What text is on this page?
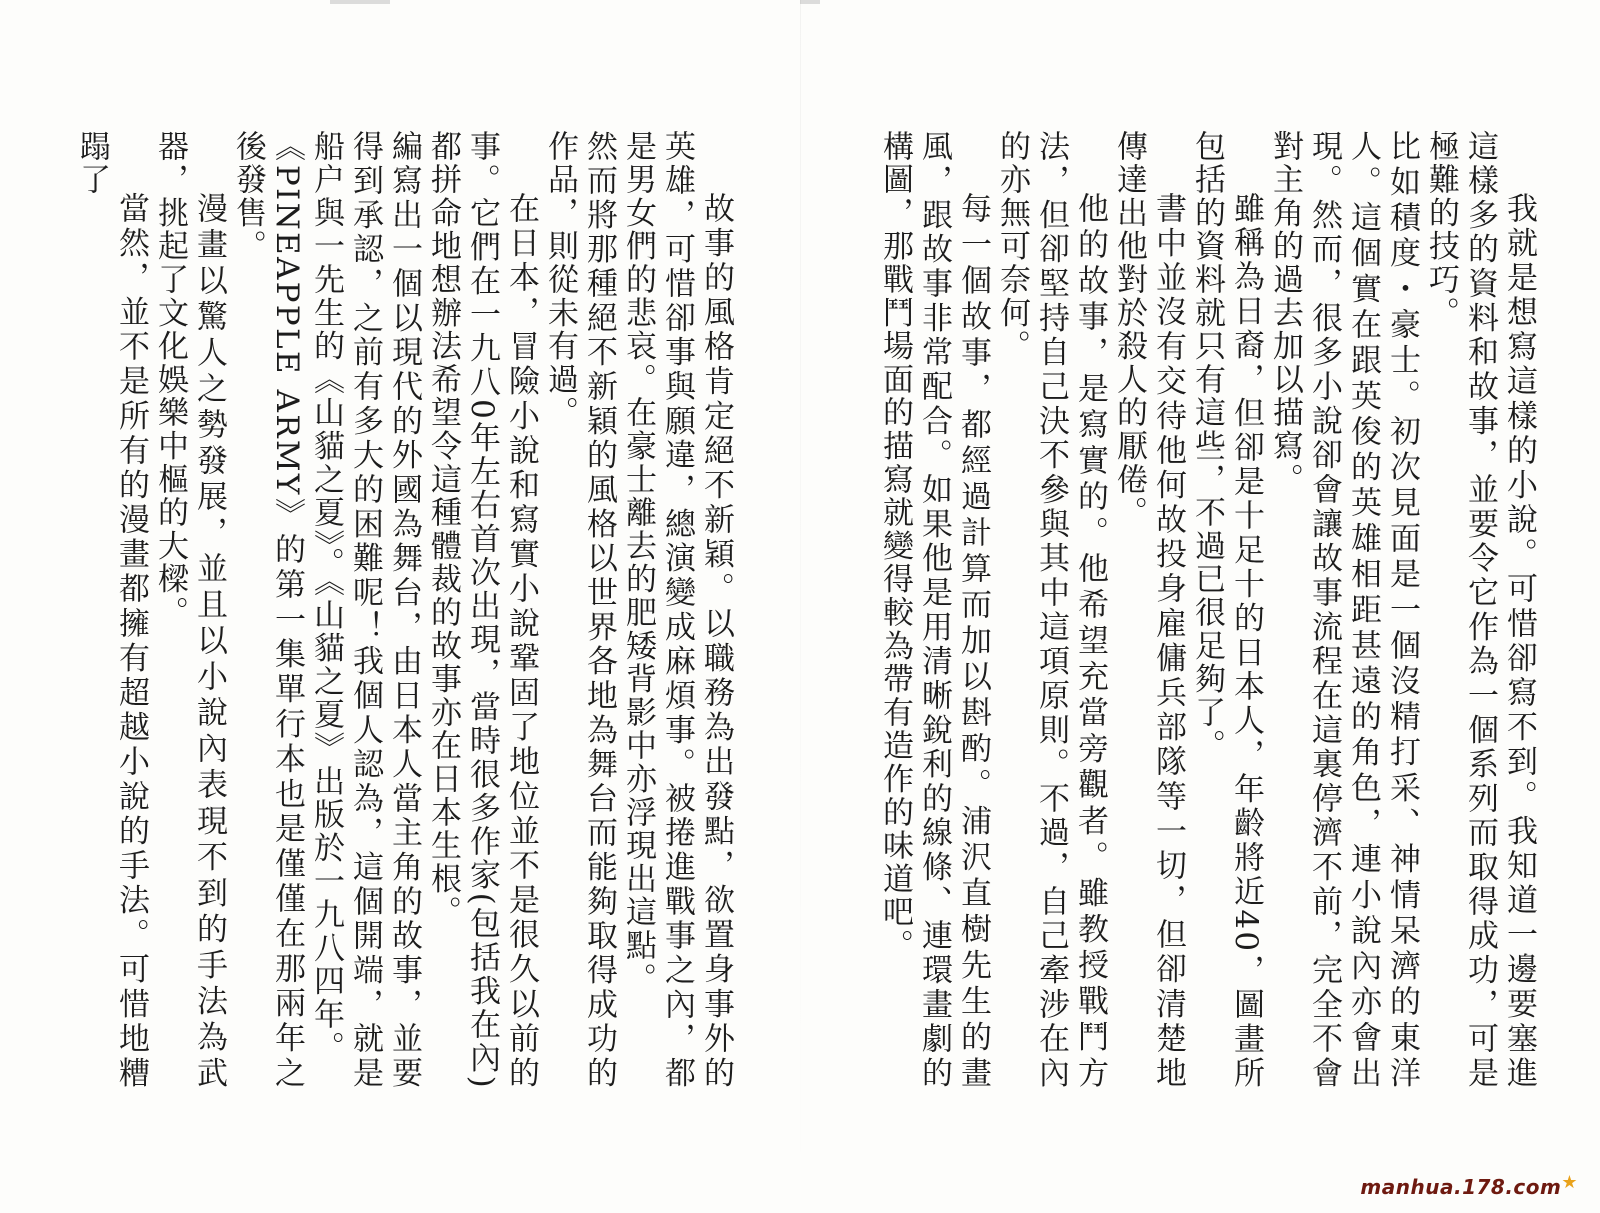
我就是想寫這樣的小說。可惜卻寫不到。我知道一邊要塞進這樣多的資料和故事，並要令它作為一個系列而取得成功，可是極難的技巧。

比如積度・豪士。初次見面是一個沒精打采、神情呆濟的東洋人。這個實在跟英俊的英雄相距甚遠的角色，連小說內亦會出現。然而，很多小說卻會讓故事流程在這裏停濟不前，完全不會對主角的過去加以描寫。

雖稱為日裔，但卻是十足十的日本人，年齡將近40，圖畫所包括的資料就只有這些，不過已很足夠了。

書中並沒有交待他何故投身雇傭兵部隊等一切，但卻清楚地傳達出他對於殺人的厭倦。

他的故事，是寫實的。他希望充當旁觀者。雖教授戰鬥方法，但卻堅持自己決不參與其中這項原則。不過，自己牽涉在內的亦無可奈何。

每一個故事，都經過計算而加以斟酌。浦沢直樹先生的畫風，跟故事非常配合。如果他是用清晰銳利的線條、連環畫劇的構圖，那戰鬥場面的描寫就變得較為帶有造作的味道吧。

故事的風格肯定絕不新穎。以職務為出發點，欲置身事外的英雄，可惜卻事與願違，總演變成麻煩事。被捲進戰事之內，都是男女們的悲哀。在豪士離去的肥矮背影中亦浮現出這點。

然而將那種絕不新穎的風格以世界各地為舞台而能夠取得成功的作品，則從未有過。

在日本，冒險小說和寫實小說鞏固了地位並不是很久以前的事。它們在一九八0年左右首次出現，當時很多作家(包括我在內)都拼命地想辦法希望令這種體裁的故事亦在日本生根。

編寫出一個以現代的外國為舞台，由日本人當主角的故事，並要得到承認，之前有多大的困難呢！我個人認為，這個開端，就是船户與一先生的《山貓之夏》。《山貓之夏》出版於一九八四年。

《PINEAPPLE ARMY》的第一集單行本也是僅僅在那兩年之後發售。

漫畫以驚人之勢發展，並且以小說內表現不到的手法為武器，挑起了文化娛樂中樞的大樑。

當然，並不是所有的漫畫都擁有超越小說的手法。可惜地糟蹋了

manhua.178.com★
